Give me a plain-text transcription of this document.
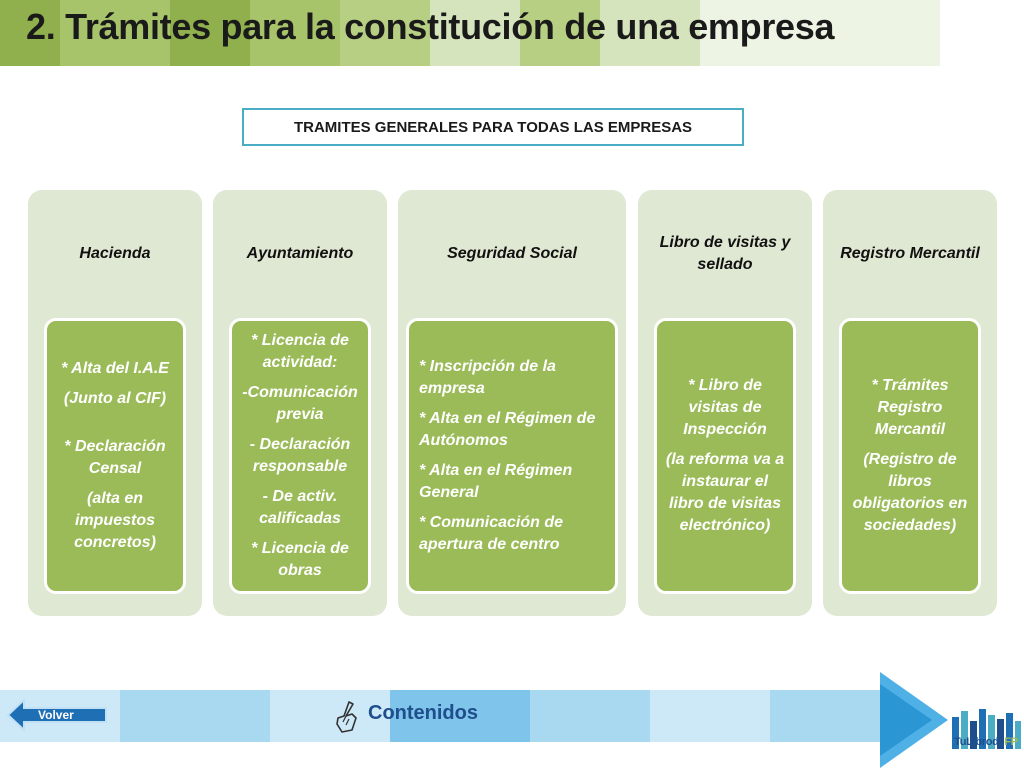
2. Trámites para la constitución de una empresa
TRAMITES GENERALES PARA TODAS LAS EMPRESAS
Hacienda

* Alta del I.A.E

(Junto al CIF)

* Declaración Censal

(alta en impuestos concretos)

Ayuntamiento

* Licencia de actividad:

-Comunicación previa

- Declaración responsable

- De activ. calificadas

* Licencia de obras

Seguridad Social

* Inscripción de la empresa

* Alta en el Régimen de Autónomos

* Alta en el Régimen General

* Comunicación de apertura de centro

Libro de visitas y sellado

* Libro de visitas de Inspección

(la reforma va a instaurar el libro de visitas electrónico)

Registro Mercantil

* Trámites Registro Mercantil

(Registro de libros obligatorios en sociedades)

Volver	Contenidos
TuLibrodeFP
